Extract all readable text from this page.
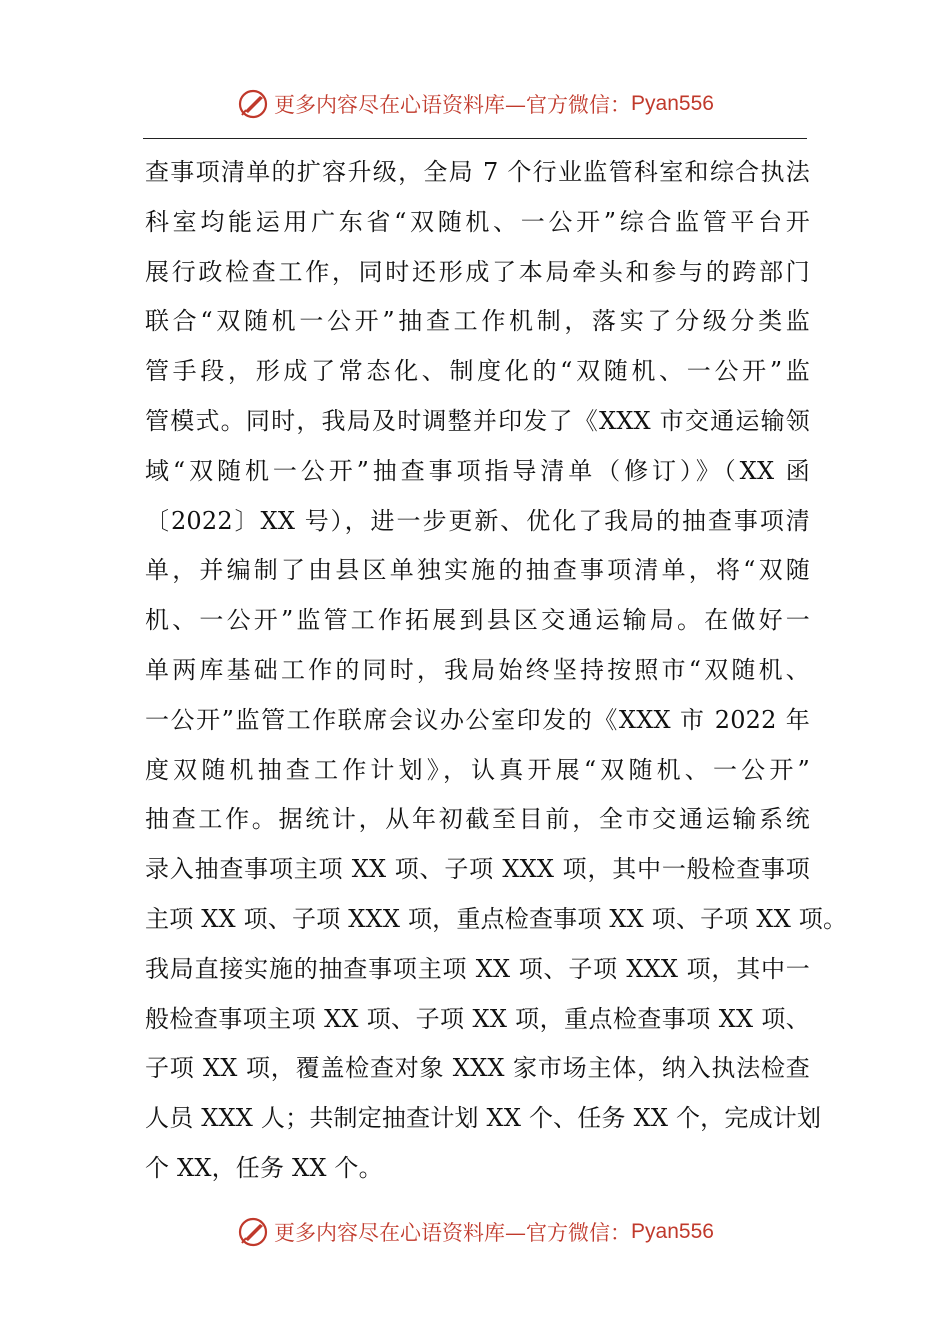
更多内容尽在心语资料库—官方微信： Pyan556
查事项清单的扩容升级，全局 7 个行业监管科室和综合执法
科室均能运用广东省“双随机、一公开”综合监管平台开
展行政检查工作，同时还形成了本局牵头和参与的跨部门
联合“双随机一公开”抽查工作机制，落实了分级分类监
管手段，形成了常态化、制度化的“双随机、一公开”监
管模式。同时，我局及时调整并印发了《XXX 市交通运输领
域“双随机一公开”抽查事项指导清单（修订）》（XX 函
〔2022〕XX 号），进一步更新、优化了我局的抽查事项清
单，并编制了由县区单独实施的抽查事项清单，将“双随
机、一公开”监管工作拓展到县区交通运输局。在做好一
单两库基础工作的同时，我局始终坚持按照市“双随机、
一公开”监管工作联席会议办公室印发的《XXX 市 2022 年
度双随机抽查工作计划》，认真开展“双随机、一公开”
抽查工作。据统计，从年初截至目前，全市交通运输系统
录入抽查事项主项 XX 项、子项 XXX 项，其中一般检查事项
主项 XX 项、子项 XXX 项，重点检查事项 XX 项、子项 XX 项。
我局直接实施的抽查事项主项 XX 项、子项 XXX 项，其中一
般检查事项主项 XX 项、子项 XX 项，重点检查事项 XX 项、
子项 XX 项，覆盖检查对象 XXX 家市场主体，纳入执法检查
人员 XXX 人；共制定抽查计划 XX 个、任务 XX 个，完成计划
个 XX，任务 XX 个。
更多内容尽在心语资料库—官方微信： Pyan556
